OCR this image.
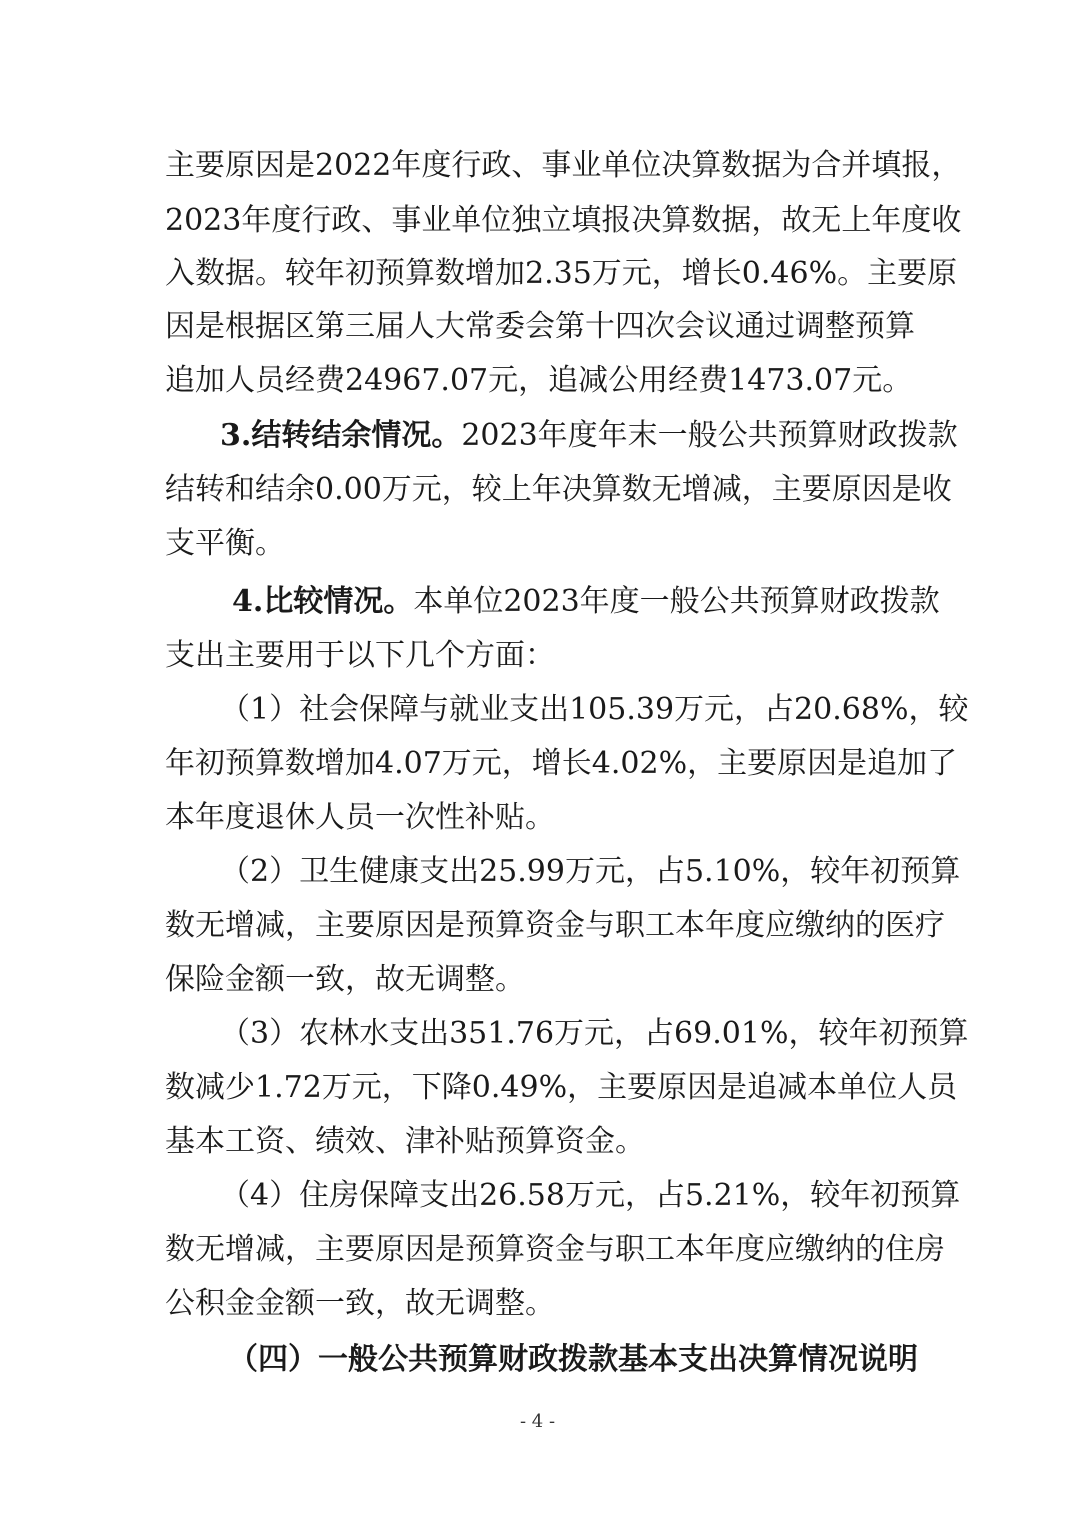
主要原因是2022年度行政、事业单位决算数据为合并填报，
2023年度行政、事业单位独立填报决算数据，故无上年度收
入数据。较年初预算数增加2.35万元，增长0.46%。主要原
因是根据区第三届人大常委会第十四次会议通过调整预算
追加人员经费24967.07元，追减公用经费1473.07元。
3.结转结余情况。2023年度年末一般公共预算财政拨款
结转和结余0.00万元，较上年决算数无增减，主要原因是收
支平衡。
4.比较情况。本单位2023年度一般公共预算财政拨款
支出主要用于以下几个方面：
（1）社会保障与就业支出105.39万元，占20.68%，较
年初预算数增加4.07万元，增长4.02%，主要原因是追加了
本年度退休人员一次性补贴。
（2）卫生健康支出25.99万元，占5.10%，较年初预算
数无增减，主要原因是预算资金与职工本年度应缴纳的医疗
保险金额一致，故无调整。
（3）农林水支出351.76万元，占69.01%，较年初预算
数减少1.72万元，下降0.49%，主要原因是追减本单位人员
基本工资、绩效、津补贴预算资金。
（4）住房保障支出26.58万元，占5.21%，较年初预算
数无增减，主要原因是预算资金与职工本年度应缴纳的住房
公积金金额一致，故无调整。
（四）一般公共预算财政拨款基本支出决算情况说明
- 4 -
